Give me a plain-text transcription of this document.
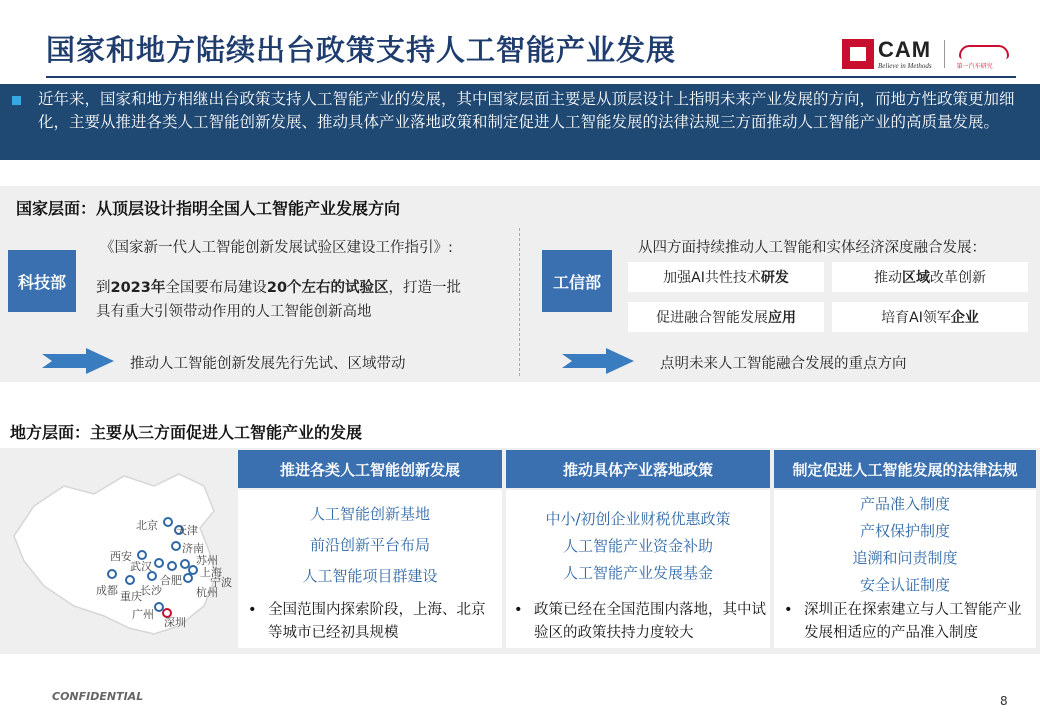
国家和地方陆续出台政策支持人工智能产业发展	CAM
Believe in Methods	第一汽车研究
近年来，国家和地方相继出台政策支持人工智能产业的发展，其中国家层面主要是从顶层设计上指明未来产业发展的方向，而地方性政策更加细化，主要从推进各类人工智能创新发展、推动具体产业落地政策和制定促进人工智能发展的法律法规三方面推动人工智能产业的高质量发展。
国家层面：从顶层设计指明全国人工智能产业发展方向
科技部
《国家新一代人工智能创新发展试验区建设工作指引》:
到2023年全国要布局建设20个左右的试验区，打造一批
具有重大引领带动作用的人工智能创新高地
推动人工智能创新发展先行先试、区域带动
工信部
从四方面持续推动人工智能和实体经济深度融合发展：
加强AI共性技术 研发	推动 区域 改革创新
促进融合智能发展 应用	培育AI领军 企业
点明未来人工智能融合发展的重点方向
地方层面：主要从三方面促进人工智能产业的发展
北京 天津
济南
西安
武汉	苏州
上海
宁波
杭州
合肥
成都 重庆
长沙
广州
深圳
推进各类人工智能创新发展
人工智能创新基地
前沿创新平台布局
人工智能项目群建设
• 全国范围内探索阶段，上海、北京等城市已经初具规模
推动具体产业落地政策
中小/初创企业财税优惠政策
人工智能产业资金补助
人工智能产业发展基金
• 政策已经在全国范围内落地，其中试验区的政策扶持力度较大
制定促进人工智能发展的法律法规
产品准入制度
产权保护制度
追溯和问责制度
安全认证制度
• 深圳正在探索建立与人工智能产业发展相适应的产品准入制度
CONFIDENTIAL	8
